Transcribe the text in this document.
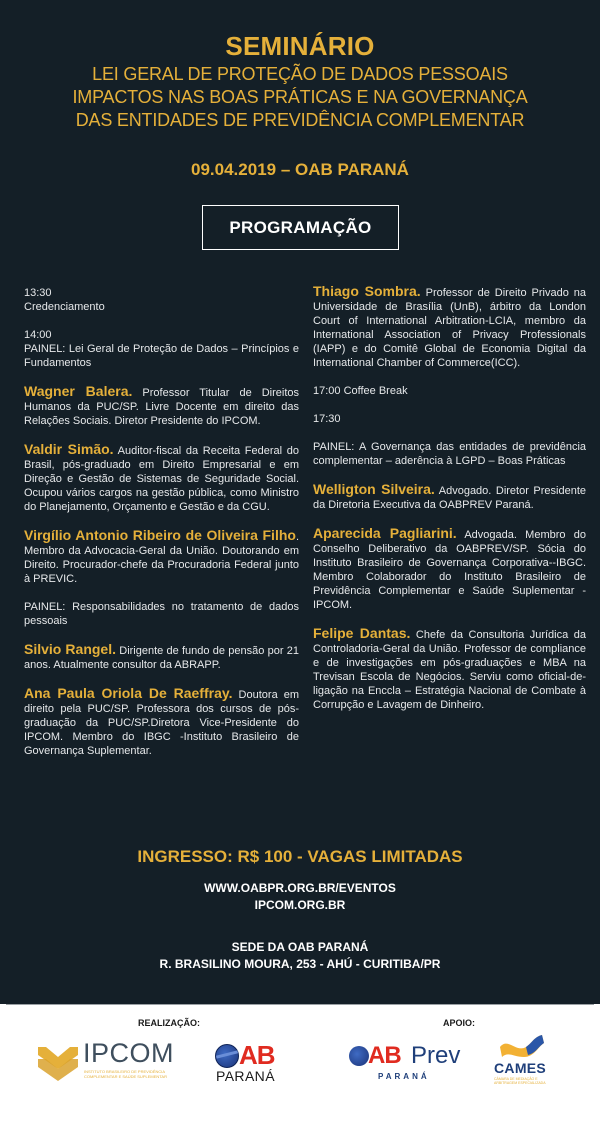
SEMINÁRIO
LEI GERAL DE PROTEÇÃO DE DADOS PESSOAIS
IMPACTOS NAS BOAS PRÁTICAS E NA GOVERNANÇA
DAS ENTIDADES DE PREVIDÊNCIA COMPLEMENTAR
09.04.2019 – OAB PARANÁ
PROGRAMAÇÃO

13:30
Credenciamento

14:00
PAINEL: Lei Geral de Proteção de Dados – Princípios e Fundamentos

Wagner Balera. Professor Titular de Direitos Humanos da PUC/SP. Livre Docente em direito das Relações Sociais. Diretor Presidente do IPCOM.

Valdir Simão. Auditor-fiscal da Receita Federal do Brasil, pós-graduado em Direito Empresarial e em Direção e Gestão de Sistemas de Seguridade Social. Ocupou vários cargos na gestão pública, como Ministro do Planejamento, Orçamento e Gestão e da CGU.

Virgílio Antonio Ribeiro de Oliveira Filho. Membro da Advocacia-Geral da União. Doutorando em Direito. Procurador-chefe da Procuradoria Federal junto à PREVIC.

PAINEL: Responsabilidades no tratamento de dados pessoais

Silvio Rangel. Dirigente de fundo de pensão por 21 anos. Atualmente consultor da ABRAPP.

Ana Paula Oriola De Raeffray. Doutora em direito pela PUC/SP. Professora dos cursos de pós-graduação da PUC/SP.Diretora Vice-Presidente do IPCOM. Membro do IBGC -Instituto Brasileiro de Governança Suplementar.

Thiago Sombra. Professor de Direito Privado na Universidade de Brasília (UnB), árbitro da London Court of International Arbitration-LCIA, membro da International Association of Privacy Professionals (IAPP) e do Comitê Global de Economia Digital da International Chamber of Commerce(ICC).

17:00 Coffee Break

17:30

PAINEL: A Governança das entidades de previdência complementar – aderência à LGPD – Boas Práticas

Welligton Silveira. Advogado. Diretor Presidente da Diretoria Executiva da OABPREV Paraná.

Aparecida Pagliarini. Advogada. Membro do Conselho Deliberativo da OABPREV/SP. Sócia do Instituto Brasileiro de Governança Corporativa--IBGC. Membro Colaborador do Instituto Brasileiro de Previdência Complementar e Saúde Suplementar -IPCOM.

Felipe Dantas. Chefe da Consultoria Jurídica da Controladoria-Geral da União. Professor de compliance e de investigações em pós-graduações e MBA na Trevisan Escola de Negócios. Serviu como oficial-de-ligação na Enccla – Estratégia Nacional de Combate à Corrupção e Lavagem de Dinheiro.

INGRESSO: R$ 100 - VAGAS LIMITADAS
WWW.OABPR.ORG.BR/EVENTOS
IPCOM.ORG.BR
SEDE DA OAB PARANÁ
R. BRASILINO MOURA, 253 - AHÚ - CURITIBA/PR
REALIZAÇÃO:	APOIO:
IPCOM
INSTITUTO BRASILEIRO DE PREVIDÊNCIA COMPLEMENTAR E SAÚDE SUPLEMENTAR
AB
PARANÁ
AB Prev
PARANÁ
CAMES
CÂMARA DE MEDIAÇÃO E ARBITRAGEM ESPECIALIZADA
